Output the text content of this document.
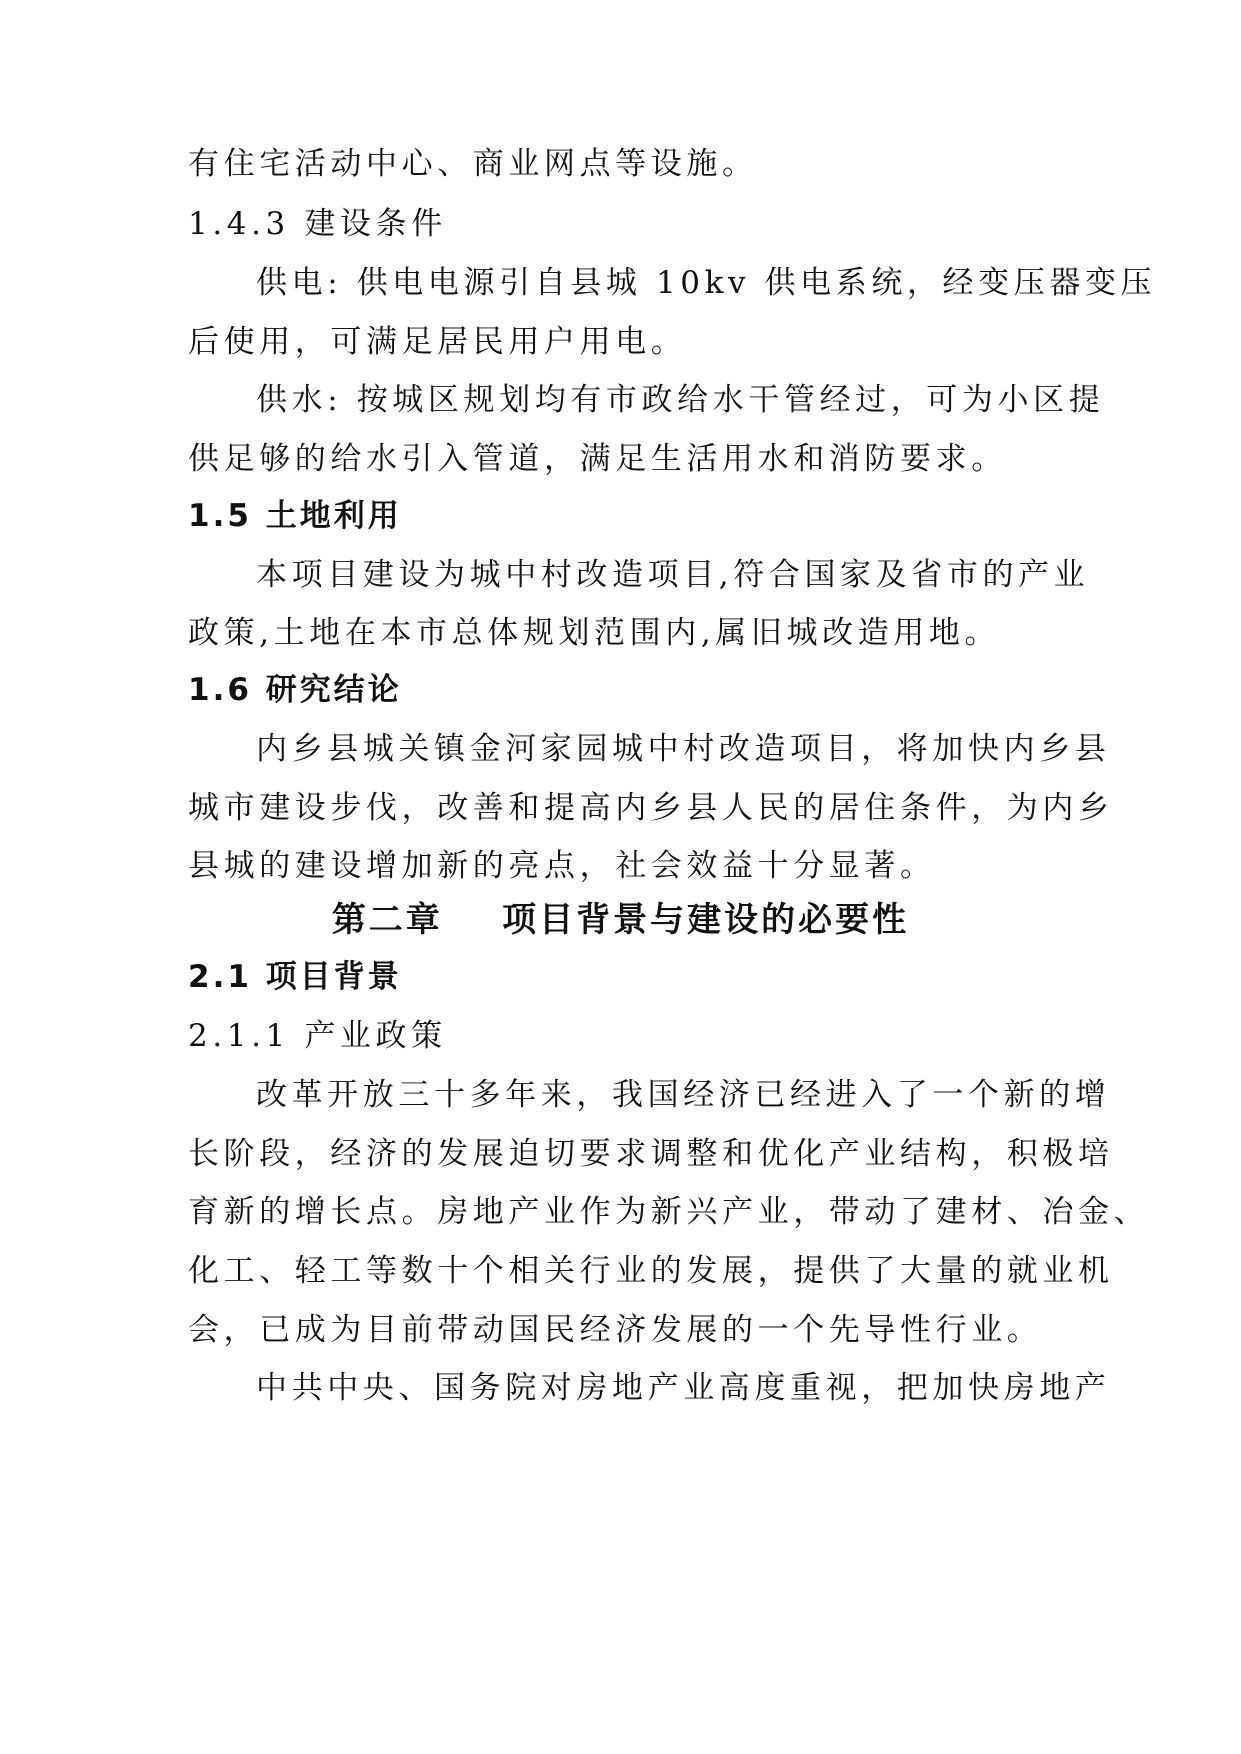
有住宅活动中心、商业网点等设施。
1.4.3 建设条件
供电: 供电电源引自县城 10kv 供电系统，经变压器变压
后使用，可满足居民用户用电。
供水: 按城区规划均有市政给水干管经过，可为小区提
供足够的给水引入管道，满足生活用水和消防要求。
1.5 土地利用
本项目建设为城中村改造项目,符合国家及省市的产业
政策,土地在本市总体规划范围内,属旧城改造用地。
1.6 研究结论
内乡县城关镇金河家园城中村改造项目，将加快内乡县
城市建设步伐，改善和提高内乡县人民的居住条件，为内乡
县城的建设增加新的亮点，社会效益十分显著。
第二章    项目背景与建设的必要性
2.1 项目背景
2.1.1 产业政策
改革开放三十多年来，我国经济已经进入了一个新的增
长阶段，经济的发展迫切要求调整和优化产业结构，积极培
育新的增长点。房地产业作为新兴产业，带动了建材、冶金、
化工、轻工等数十个相关行业的发展，提供了大量的就业机
会，已成为目前带动国民经济发展的一个先导性行业。
中共中央、国务院对房地产业高度重视，把加快房地产
